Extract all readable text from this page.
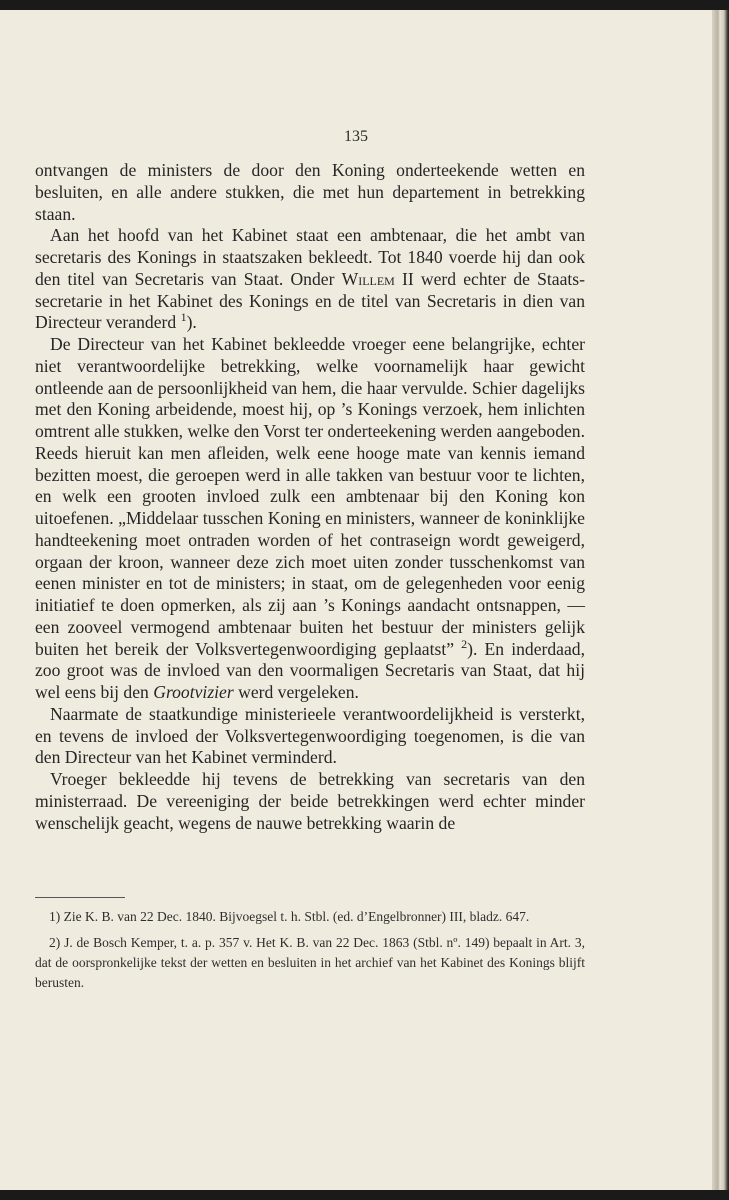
135

ontvangen de ministers de door den Koning onderteekende wetten en besluiten, en alle andere stukken, die met hun departement in betrekking staan.

Aan het hoofd van het Kabinet staat een ambtenaar, die het ambt van secretaris des Konings in staatszaken bekleedt. Tot 1840 voerde hij dan ook den titel van Secretaris van Staat. Onder Willem II werd echter de Staats-secretarie in het Kabinet des Konings en de titel van Secretaris in dien van Directeur veranderd $^1$).

De Directeur van het Kabinet bekleedde vroeger eene belangrijke, echter niet verantwoordelijke betrekking, welke voornamelijk haar gewicht ontleende aan de persoonlijkheid van hem, die haar vervulde. Schier dagelijks met den Koning arbeidende, moest hij, op ’s Konings verzoek, hem inlichten omtrent alle stukken, welke den Vorst ter onderteekening werden aangeboden. Reeds hieruit kan men afleiden, welk eene hooge mate van kennis iemand bezitten moest, die geroepen werd in alle takken van bestuur voor te lichten, en welk een grooten invloed zulk een ambtenaar bij den Koning kon uitoefenen. „Middelaar tusschen Koning en ministers, wanneer de koninklijke handteekening moet ontraden worden of het contraseign wordt geweigerd, orgaan der kroon, wanneer deze zich moet uiten zonder tusschenkomst van eenen minister en tot de ministers; in staat, om de gelegenheden voor eenig initiatief te doen opmerken, als zij aan ’s Konings aandacht ontsnappen, — een zooveel vermogend ambtenaar buiten het bestuur der ministers gelijk buiten het bereik der Volksvertegenwoordiging geplaatst” $^2$). En inderdaad, zoo groot was de invloed van den voormaligen Secretaris van Staat, dat hij wel eens bij den Grootvizier werd vergeleken.

Naarmate de staatkundige ministerieele verantwoordelijkheid is versterkt, en tevens de invloed der Volksvertegenwoordiging toegenomen, is die van den Directeur van het Kabinet verminderd.

Vroeger bekleedde hij tevens de betrekking van secretaris van den ministerraad. De vereeniging der beide betrekkingen werd echter minder wenschelijk geacht, wegens de nauwe betrekking waarin de

1) Zie K. B. van 22 Dec. 1840. Bijvoegsel t. h. Stbl. (ed. d’Engelbronner) III, bladz. 647.

2) J. de Bosch Kemper, t. a. p. 357 v. Het K. B. van 22 Dec. 1863 (Stbl. nº. 149) bepaalt in Art. 3, dat de oorspronkelijke tekst der wetten en besluiten in het archief van het Kabinet des Konings blijft berusten.
